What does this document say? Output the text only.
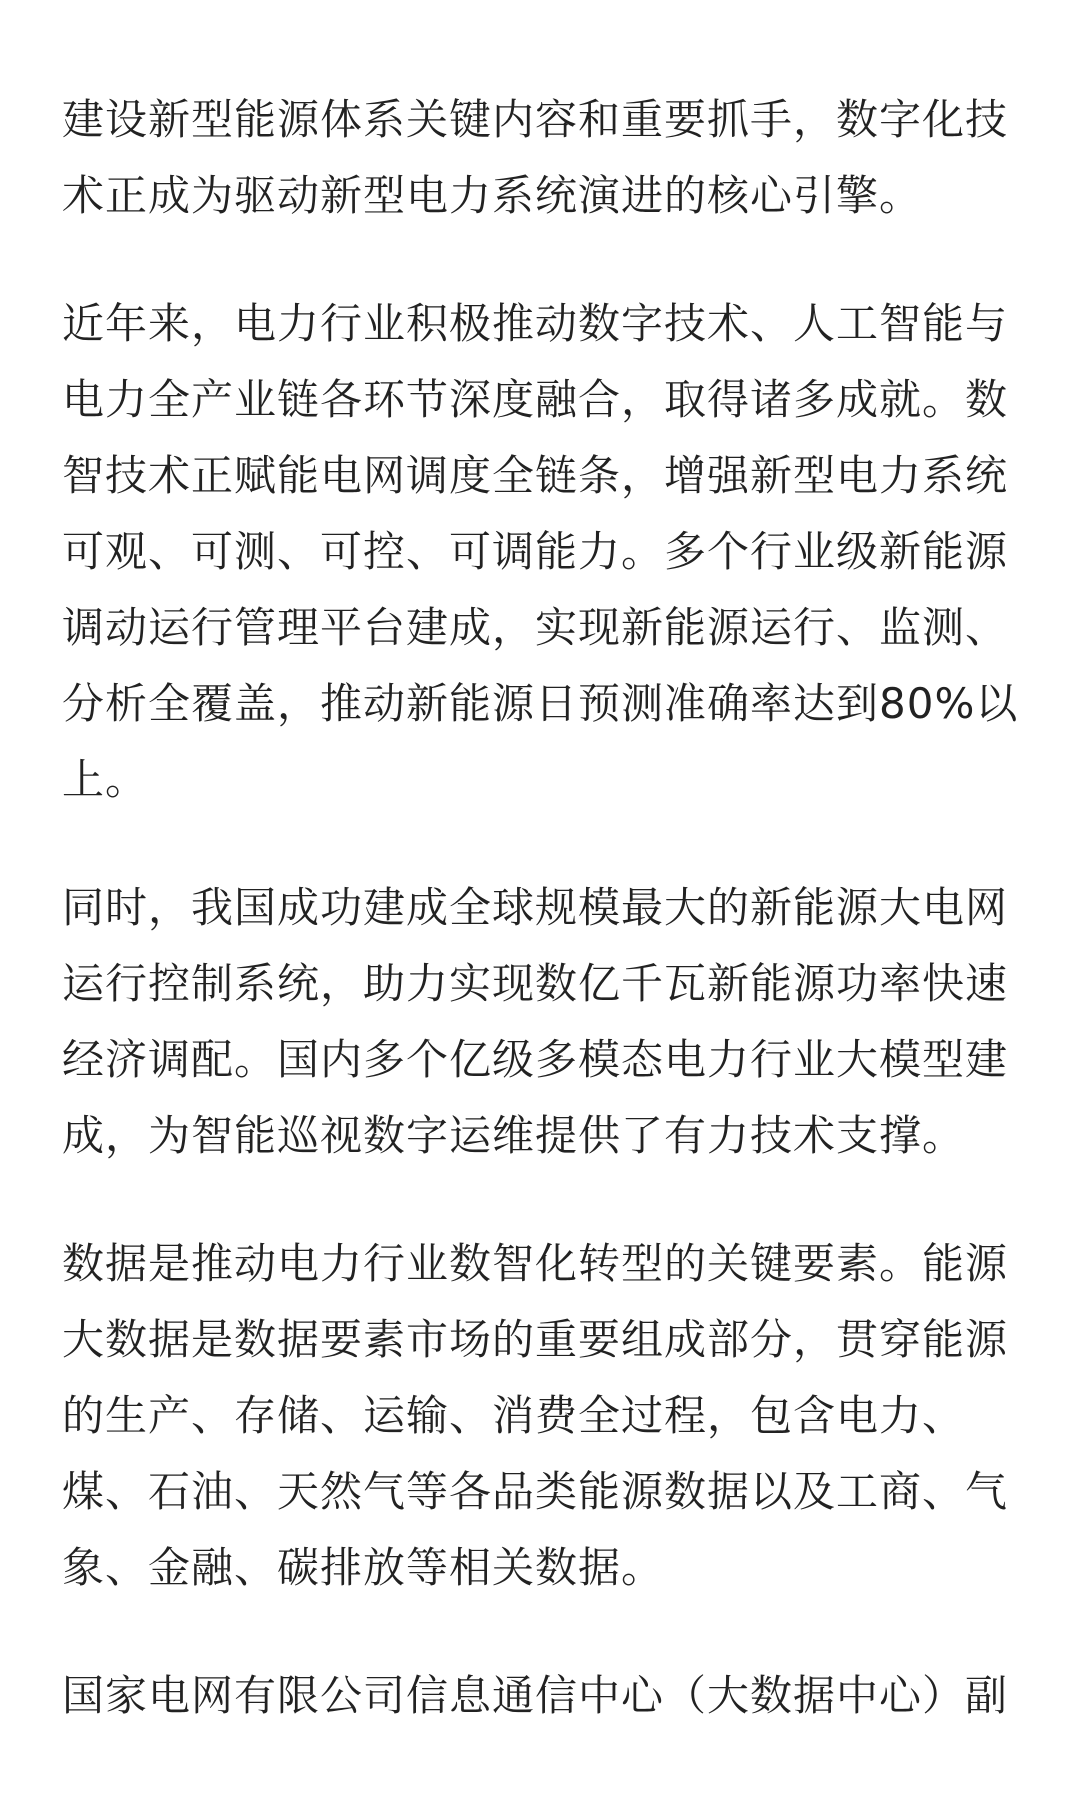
建设新型能源体系关键内容和重要抓手，数字化技
术正成为驱动新型电力系统演进的核心引擎。

近年来，电力行业积极推动数字技术、人工智能与
电力全产业链各环节深度融合，取得诸多成就。数
智技术正赋能电网调度全链条，增强新型电力系统
可观、可测、可控、可调能力。多个行业级新能源
调动运行管理平台建成，实现新能源运行、监测、
分析全覆盖，推动新能源日预测准确率达到80%以
上。

同时，我国成功建成全球规模最大的新能源大电网
运行控制系统，助力实现数亿千瓦新能源功率快速
经济调配。国内多个亿级多模态电力行业大模型建
成，为智能巡视数字运维提供了有力技术支撑。

数据是推动电力行业数智化转型的关键要素。能源
大数据是数据要素市场的重要组成部分，贯穿能源
的生产、存储、运输、消费全过程，包含电力、
煤、石油、天然气等各品类能源数据以及工商、气
象、金融、碳排放等相关数据。

国家电网有限公司信息通信中心（大数据中心）副
